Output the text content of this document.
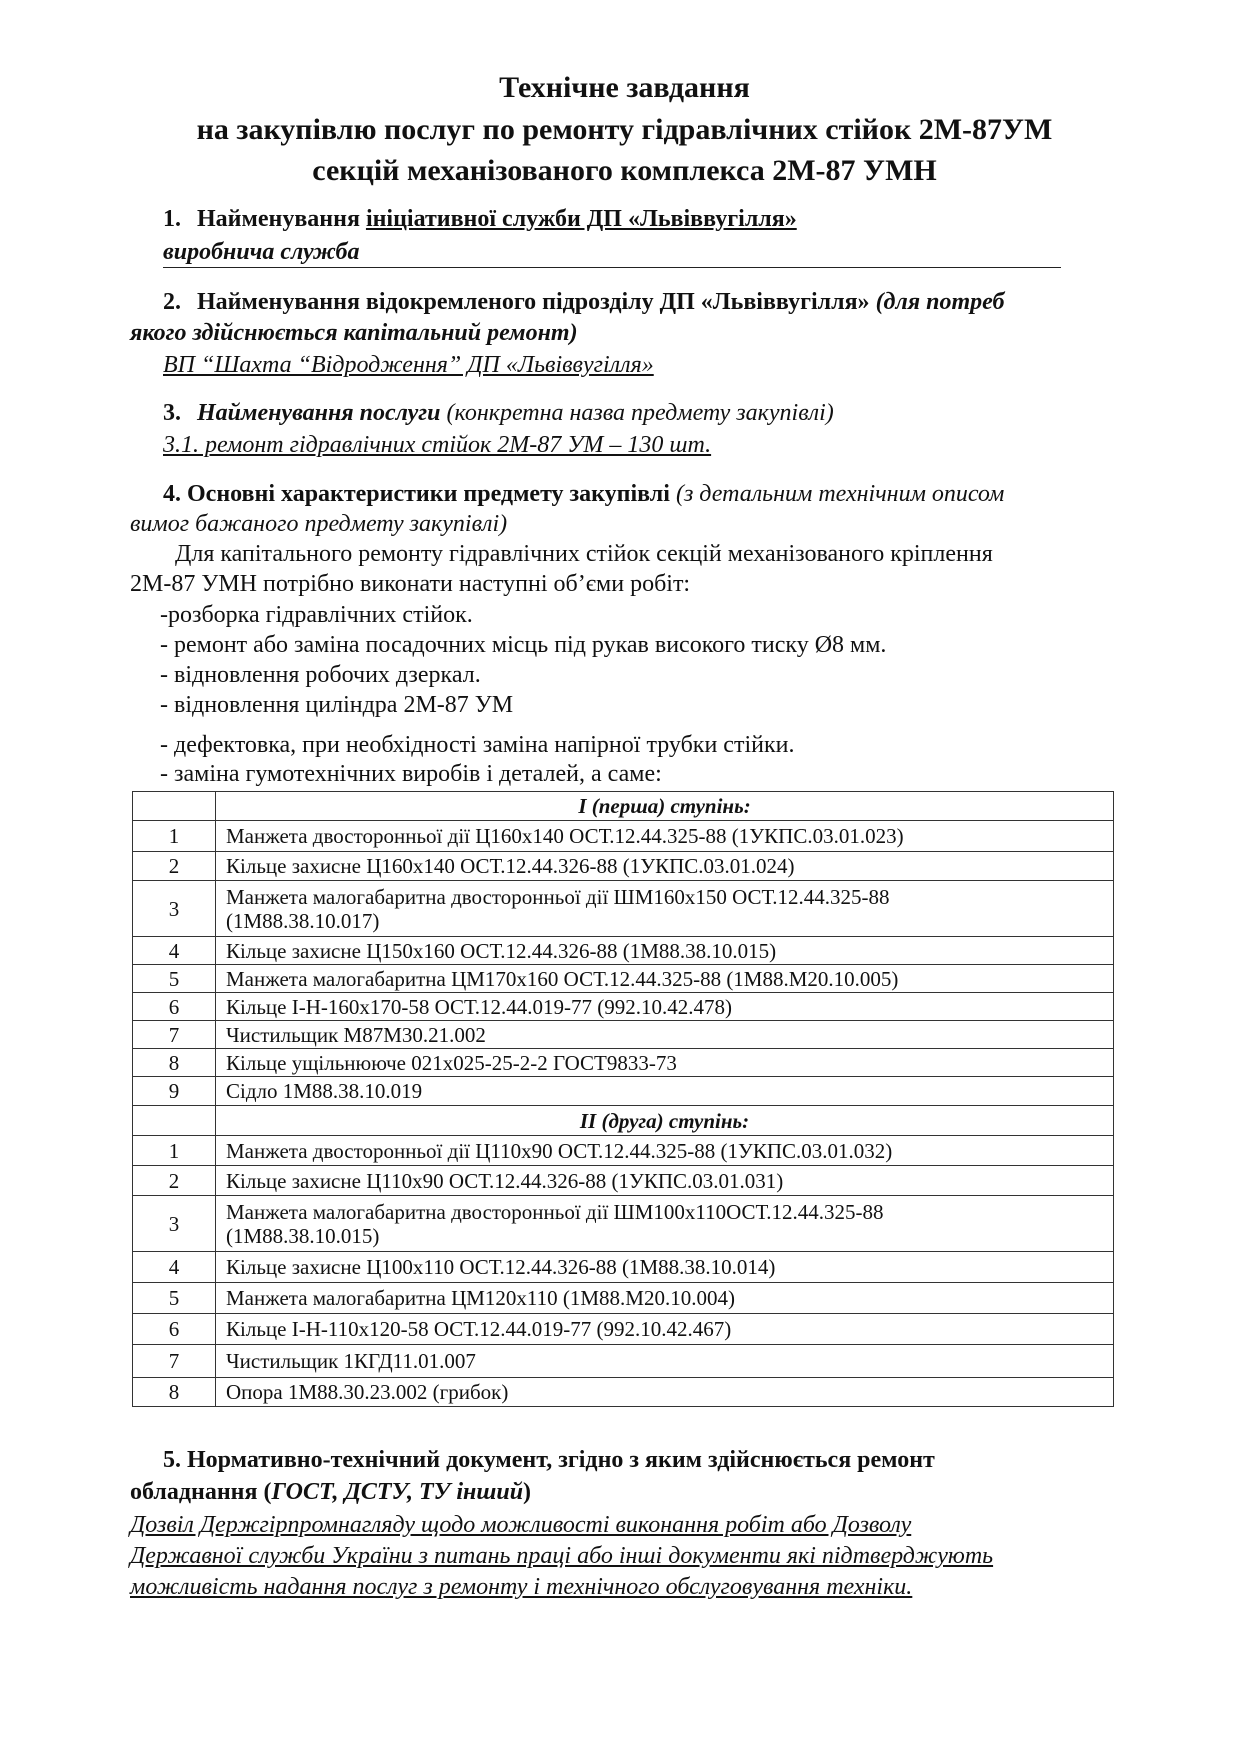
Технічне завдання
на закупівлю послуг по ремонту гідравлічних стійок 2М-87УМ
секцій механізованого комплекса 2М-87 УМН
1. Найменування ініціативної служби ДП «Львіввугілля»
виробнича служба
2. Найменування відокремленого підрозділу ДП «Львіввугілля» (для потреб
якого здійснюється капітальний ремонт)
ВП “Шахта “Відродження” ДП «Львіввугілля»
3. Найменування послуги (конкретна назва предмету закупівлі)
3.1. ремонт гідравлічних стійок 2М-87 УМ – 130 шт.
4. Основні характеристики предмету закупівлі (з детальним технічним описом
вимог бажаного предмету закупівлі)
Для капітального ремонту гідравлічних стійок секцій механізованого кріплення
2М-87 УМН потрібно виконати наступні об’єми робіт:
-розборка гідравлічних стійок.
- ремонт або заміна посадочних місць під рукав високого тиску Ø8 мм.
- відновлення робочих дзеркал.
- відновлення циліндра 2М-87 УМ
- дефектовка, при необхідності заміна напірної трубки стійки.
- заміна гумотехнічних виробів і деталей, а саме:
	I (перша) ступінь:
1	Манжета двосторонньої дії Ц160х140 ОСТ.12.44.325-88 (1УКПС.03.01.023)
2	Кільце захисне Ц160х140 ОСТ.12.44.326-88 (1УКПС.03.01.024)
3	Манжета малогабаритна двосторонньої дії ШМ160х150 ОСТ.12.44.325-88
(1М88.38.10.017)

4	Кільце захисне Ц150х160 ОСТ.12.44.326-88 (1М88.38.10.015)
5	Манжета малогабаритна ЦМ170х160 ОСТ.12.44.325-88 (1М88.М20.10.005)
6	Кільце I-Н-160х170-58 ОСТ.12.44.019-77 (992.10.42.478)
7	Чистильщик М87М30.21.002
8	Кільце ущільнююче 021х025-25-2-2 ГОСТ9833-73
9	Сідло 1М88.38.10.019
	II (друга) ступінь:
1	Манжета двосторонньої дії Ц110х90 ОСТ.12.44.325-88 (1УКПС.03.01.032)
2	Кільце захисне Ц110х90 ОСТ.12.44.326-88 (1УКПС.03.01.031)
3	Манжета малогабаритна двосторонньої дії ШМ100х110ОСТ.12.44.325-88
(1М88.38.10.015)

4	Кільце захисне Ц100х110 ОСТ.12.44.326-88 (1М88.38.10.014)
5	Манжета малогабаритна ЦМ120х110 (1М88.М20.10.004)
6	Кільце I-Н-110х120-58 ОСТ.12.44.019-77 (992.10.42.467)
7	Чистильщик 1КГД11.01.007
8	Опора 1М88.30.23.002 (грибок)
5. Нормативно-технічний документ, згідно з яким здійснюється ремонт
обладнання (ГОСТ, ДСТУ, ТУ інший)
Дозвіл Держгірпромнагляду щодо можливості виконання робіт або Дозволу
Державної служби України з питань праці або інші документи які підтверджують
можливість надання послуг з ремонту і технічного обслуговування техніки.
